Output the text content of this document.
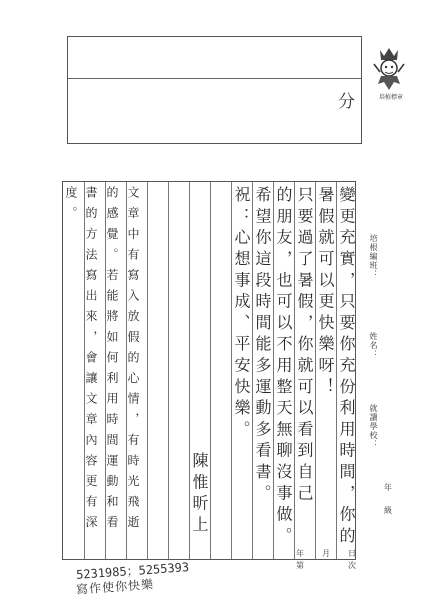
分	培植標章
變更充實，只要你充份利用時間，你的
暑假就可以更快樂呀！
只要過了暑假，你就可以看到自己
的朋友，也可以不用整天無聊沒事做。
希望你這段時間能多運動多看書。
祝：心想事成、平安快樂。
陳惟昕上
文章中有寫入放假的心情，有時光飛逝
的感覺。若能將如何利用時間運動和看
書的方法寫出來，會讓文章內容更有深
度。
培根編班：
姓名：
就讀學校：
年
級
年 月 日
第	次
5231985；5255393
寫作使你快樂
